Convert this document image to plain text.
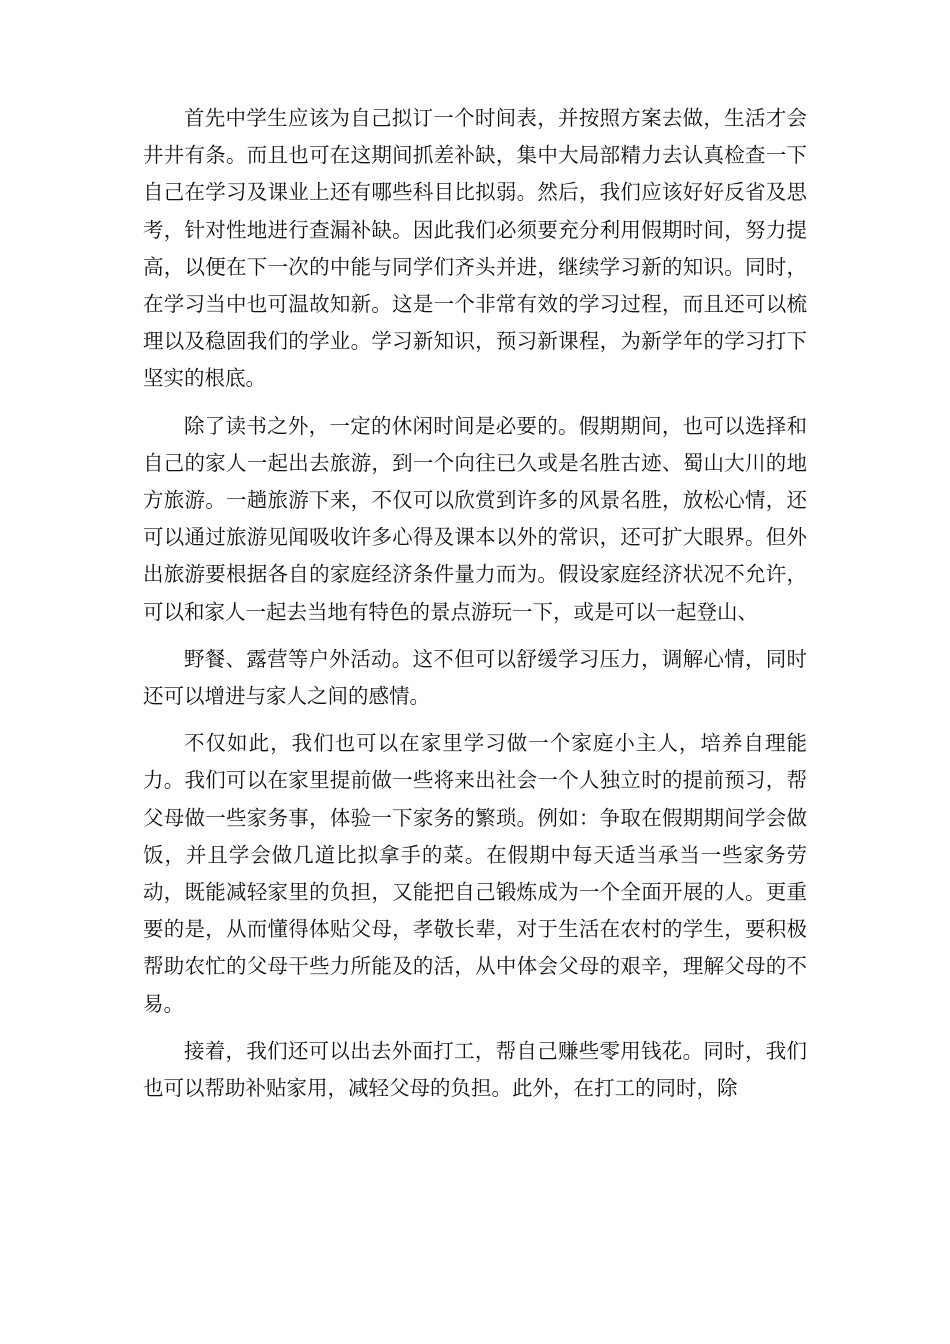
首先中学生应该为自己拟订一个时间表，并按照方案去做，生活才会井井有条。而且也可在这期间抓差补缺，集中大局部精力去认真检查一下自己在学习及课业上还有哪些科目比拟弱。然后，我们应该好好反省及思考，针对性地进行查漏补缺。因此我们必须要充分利用假期时间，努力提高，以便在下一次的中能与同学们齐头并进，继续学习新的知识。同时，在学习当中也可温故知新。这是一个非常有效的学习过程，而且还可以梳理以及稳固我们的学业。学习新知识，预习新课程，为新学年的学习打下坚实的根底。

除了读书之外，一定的休闲时间是必要的。假期期间，也可以选择和自己的家人一起出去旅游，到一个向往已久或是名胜古迹、蜀山大川的地方旅游。一趟旅游下来，不仅可以欣赏到许多的风景名胜，放松心情，还可以通过旅游见闻吸收许多心得及课本以外的常识，还可扩大眼界。但外出旅游要根据各自的家庭经济条件量力而为。假设家庭经济状况不允许，可以和家人一起去当地有特色的景点游玩一下，或是可以一起登山、

野餐、露营等户外活动。这不但可以舒缓学习压力，调解心情，同时还可以增进与家人之间的感情。

不仅如此，我们也可以在家里学习做一个家庭小主人，培养自理能力。我们可以在家里提前做一些将来出社会一个人独立时的提前预习，帮父母做一些家务事，体验一下家务的繁琐。例如：争取在假期期间学会做饭，并且学会做几道比拟拿手的菜。在假期中每天适当承当一些家务劳动，既能减轻家里的负担，又能把自己锻炼成为一个全面开展的人。更重要的是，从而懂得体贴父母，孝敬长辈，对于生活在农村的学生，要积极帮助农忙的父母干些力所能及的活，从中体会父母的艰辛，理解父母的不易。

接着，我们还可以出去外面打工，帮自己赚些零用钱花。同时，我们也可以帮助补贴家用，减轻父母的负担。此外，在打工的同时，除
